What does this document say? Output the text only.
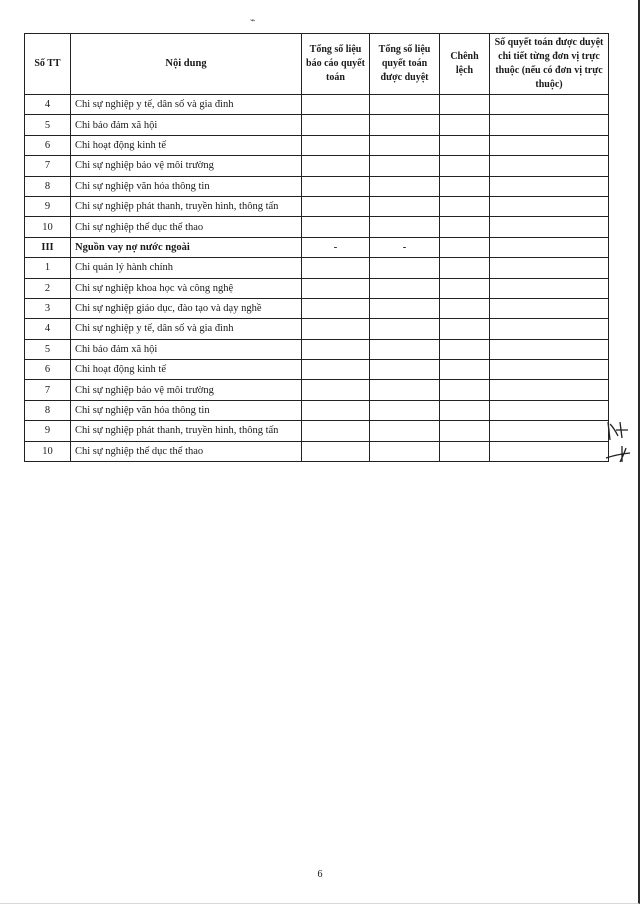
⌁
Số TT	Nội dung	Tổng số liệu báo cáo quyết toán	Tổng số liệu quyết toán được duyệt	Chênh lệch	Số quyết toán được duyệt chi tiết từng đơn vị trực thuộc (nếu có đơn vị trực thuộc)
4	Chi sự nghiệp y tế, dân số và gia đình				
5	Chi bảo đảm xã hội				
6	Chi hoạt động kinh tế				
7	Chi sự nghiệp bảo vệ môi trường				
8	Chi sự nghiệp văn hóa thông tin				
9	Chi sự nghiệp phát thanh, truyền hình, thông tấn				
10	Chi sự nghiệp thể dục thể thao				
III	Nguồn vay nợ nước ngoài	-	-		
1	Chi quản lý hành chính				
2	Chi sự nghiệp khoa học và công nghệ				
3	Chi sự nghiệp giáo dục, đào tạo và dạy nghề				
4	Chi sự nghiệp y tế, dân số và gia đình				
5	Chi bảo đảm xã hội				
6	Chi hoạt động kinh tế				
7	Chi sự nghiệp bảo vệ môi trường				
8	Chi sự nghiệp văn hóa thông tin				
9	Chi sự nghiệp phát thanh, truyền hình, thông tấn				
10	Chi sự nghiệp thể dục thể thao				
6
